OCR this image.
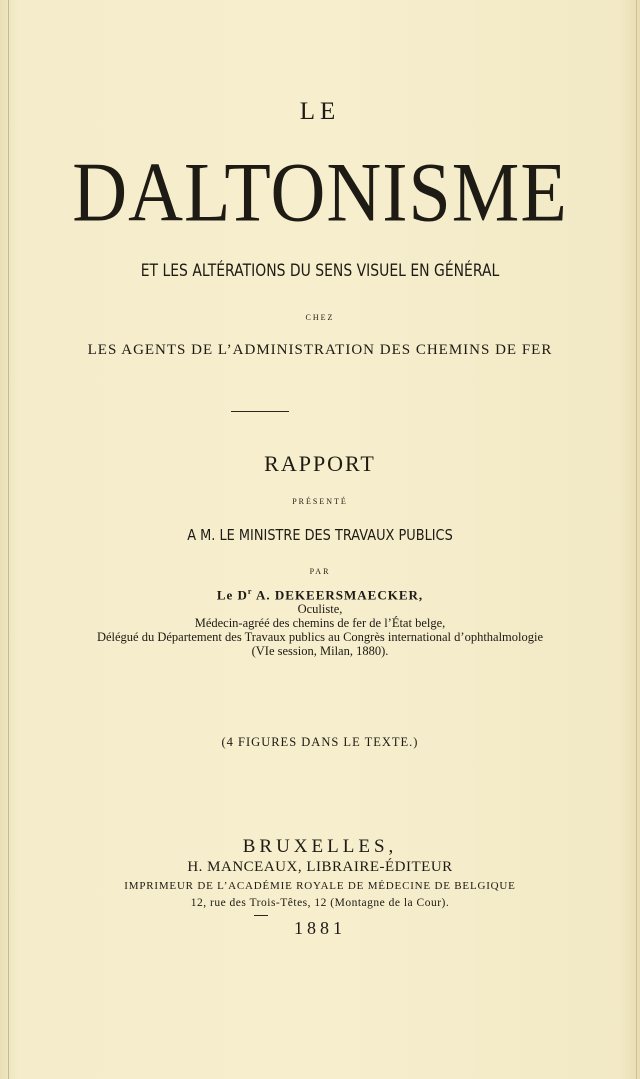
LE
DALTONISME
ET LES ALTÉRATIONS DU SENS VISUEL EN GÉNÉRAL
CHEZ
LES AGENTS DE L’ADMINISTRATION DES CHEMINS DE FER
RAPPORT
PRÉSENTÉ
A M. LE MINISTRE DES TRAVAUX PUBLICS
PAR
Le $D^r$ A. DEKEERSMAECKER,
Oculiste,
Médecin-agréé des chemins de fer de l’État belge,
Délégué du Département des Travaux publics au Congrès international d’ophthalmologie
(VIe session, Milan, 1880).
(4 FIGURES DANS LE TEXTE.)
BRUXELLES,
H. MANCEAUX, LIBRAIRE-ÉDITEUR
IMPRIMEUR DE L’ACADÉMIE ROYALE DE MÉDECINE DE BELGIQUE
12, rue des Trois-Têtes, 12 (Montagne de la Cour).
1881
